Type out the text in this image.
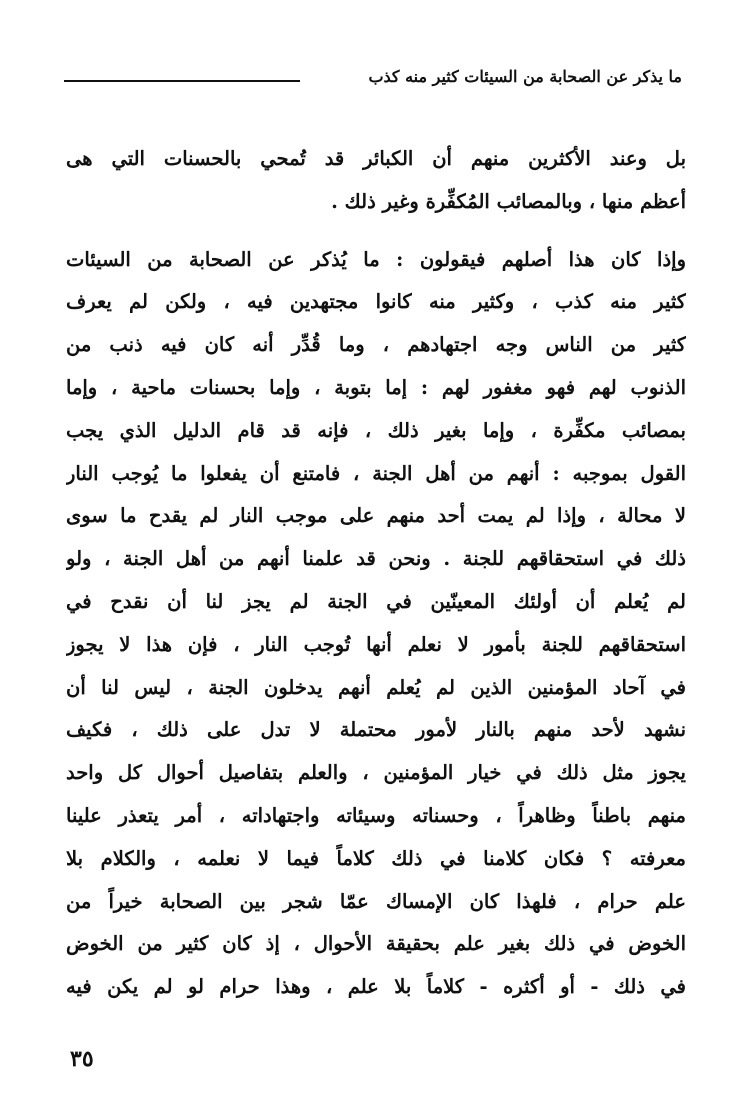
ما يذكر عن الصحابة من السيئات كثير منه كذب
بل وعند الأكثرين منهم أن الكبائر قد تُمحي بالحسنات التي هى
أعظم منها ، وبالمصائب المُكفِّرة وغير ذلك .
وإذا كان هذا أصلهم فيقولون : ما يُذكر عن الصحابة من السيئات
كثير منه كذب ، وكثير منه كانوا مجتهدين فيه ، ولكن لم يعرف
كثير من الناس وجه اجتهادهم ، وما قُدِّر أنه كان فيه ذنب من
الذنوب لهم فهو مغفور لهم : إما بتوبة ، وإما بحسنات ماحية ، وإما
بمصائب مكفِّرة ، وإما بغير ذلك ، فإنه قد قام الدليل الذي يجب
القول بموجبه : أنهم من أهل الجنة ، فامتنع أن يفعلوا ما يُوجب النار
لا محالة ، وإذا لم يمت أحد منهم على موجب النار لم يقدح ما سوى
ذلك في استحقاقهم للجنة . ونحن قد علمنا أنهم من أهل الجنة ، ولو
لم يُعلم أن أولئك المعينّين في الجنة لم يجز لنا أن نقدح في
استحقاقهم للجنة بأمور لا نعلم أنها تُوجب النار ، فإن هذا لا يجوز
في آحاد المؤمنين الذين لم يُعلم أنهم يدخلون الجنة ، ليس لنا أن
نشهد لأحد منهم بالنار لأمور محتملة لا تدل على ذلك ، فكيف
يجوز مثل ذلك في خيار المؤمنين ، والعلم بتفاصيل أحوال كل واحد
منهم باطناً وظاهراً ، وحسناته وسيئاته واجتهاداته ، أمر يتعذر علينا
معرفته ؟ فكان كلامنا في ذلك كلاماً فيما لا نعلمه ، والكلام بلا
علم حرام ، فلهذا كان الإمساك عمّا شجر بين الصحابة خيراً من
الخوض في ذلك بغير علم بحقيقة الأحوال ، إذ كان كثير من الخوض
في ذلك - أو أكثره - كلاماً بلا علم ، وهذا حرام لو لم يكن فيه
٣٥
